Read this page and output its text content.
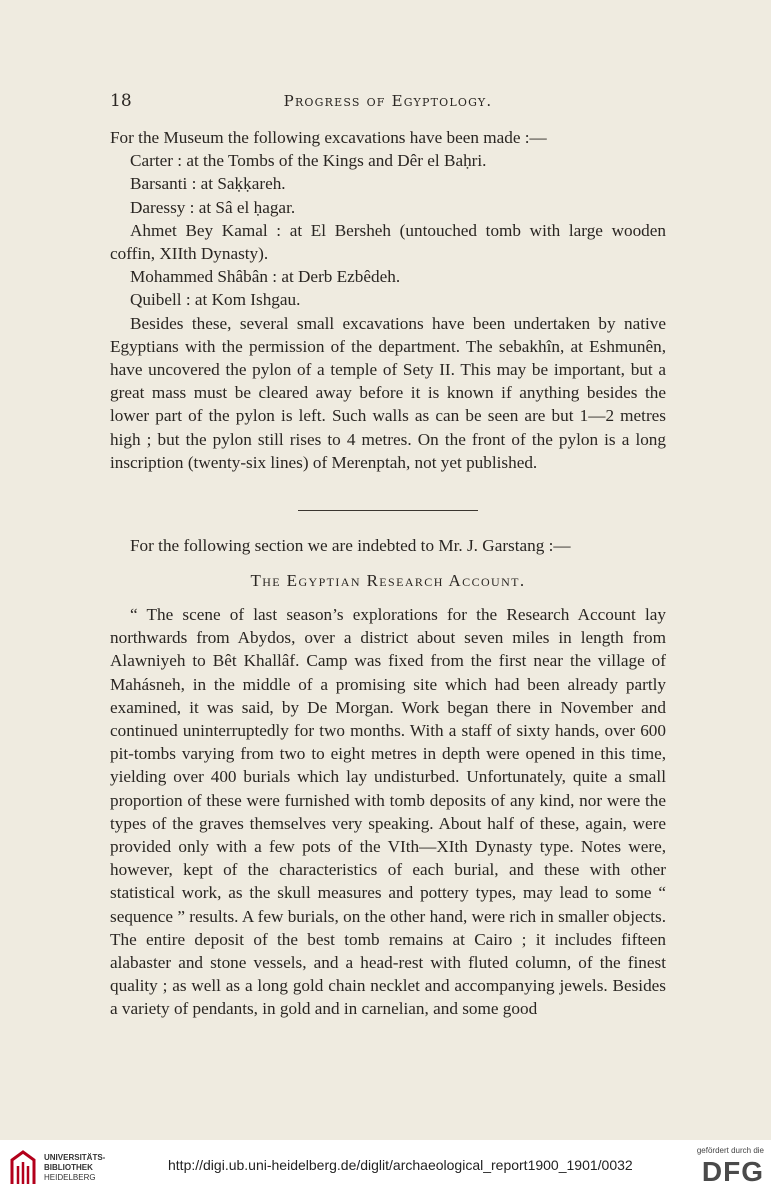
18	Progress of Egyptology.

For the Museum the following excavations have been made :—

Carter : at the Tombs of the Kings and Dêr el Baḥri.

Barsanti : at Saḳḳareh.

Daressy : at Sâ el ḥagar.

Ahmet Bey Kamal : at El Bersheh (untouched tomb with large wooden coffin, XIIth Dynasty).

Mohammed Shâbân : at Derb Ezbêdeh.

Quibell : at Kom Ishgau.

Besides these, several small excavations have been undertaken by native Egyptians with the permission of the department. The sebakhîn, at Eshmunên, have uncovered the pylon of a temple of Sety II. This may be important, but a great mass must be cleared away before it is known if anything besides the lower part of the pylon is left. Such walls as can be seen are but 1—2 metres high ; but the pylon still rises to 4 metres. On the front of the pylon is a long inscription (twenty-six lines) of Merenptah, not yet published.

For the following section we are indebted to Mr. J. Garstang :—

The Egyptian Research Account.

“ The scene of last season’s explorations for the Research Account lay northwards from Abydos, over a district about seven miles in length from Alawniyeh to Bêt Khallâf. Camp was fixed from the first near the village of Mahásneh, in the middle of a promising site which had been already partly examined, it was said, by De Morgan. Work began there in November and continued uninterruptedly for two months. With a staff of sixty hands, over 600 pit-tombs varying from two to eight metres in depth were opened in this time, yielding over 400 burials which lay undisturbed. Unfortunately, quite a small proportion of these were furnished with tomb deposits of any kind, nor were the types of the graves themselves very speaking. About half of these, again, were provided only with a few pots of the VIth—XIth Dynasty type. Notes were, however, kept of the characteristics of each burial, and these with other statistical work, as the skull measures and pottery types, may lead to some “ sequence ” results. A few burials, on the other hand, were rich in smaller objects. The entire deposit of the best tomb remains at Cairo ; it includes fifteen alabaster and stone vessels, and a head-rest with fluted column, of the finest quality ; as well as a long gold chain necklet and accompanying jewels. Besides a variety of pendants, in gold and in carnelian, and some good

UNIVERSITÄTS-
BIBLIOTHEK
HEIDELBERG
http://digi.ub.uni-heidelberg.de/diglit/archaeological_report1900_1901/0032
gefördert durch die
DFG
